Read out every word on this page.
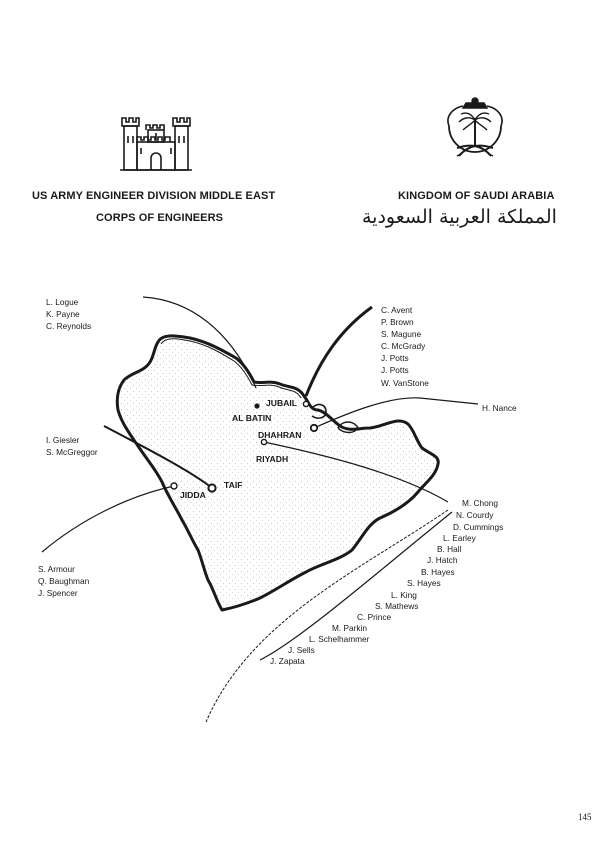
US ARMY ENGINEER DIVISION MIDDLE EAST
CORPS OF ENGINEERS
KINGDOM OF SAUDI ARABIA
المملكة العربية السعودية
JUBAIL
AL BATIN
DHAHRAN
RIYADH
TAIF
JIDDA
L. Logue
K. Payne
C. Reynolds
C. Avent
P. Brown
S. Magune
C. McGrady
J. Potts
J. Potts
W. VanStone
H. Nance
I. Giesler
S. McGreggor
S. Armour
Q. Baughman
J. Spencer
M. Chong
N. Courdy
D. Cummings
L. Earley
B. Hall
J. Hatch
B. Hayes
S. Hayes
L. King
S. Mathews
C. Prince
M. Parkin
L. Schelhammer
J. Sells
J. Zapata
145
